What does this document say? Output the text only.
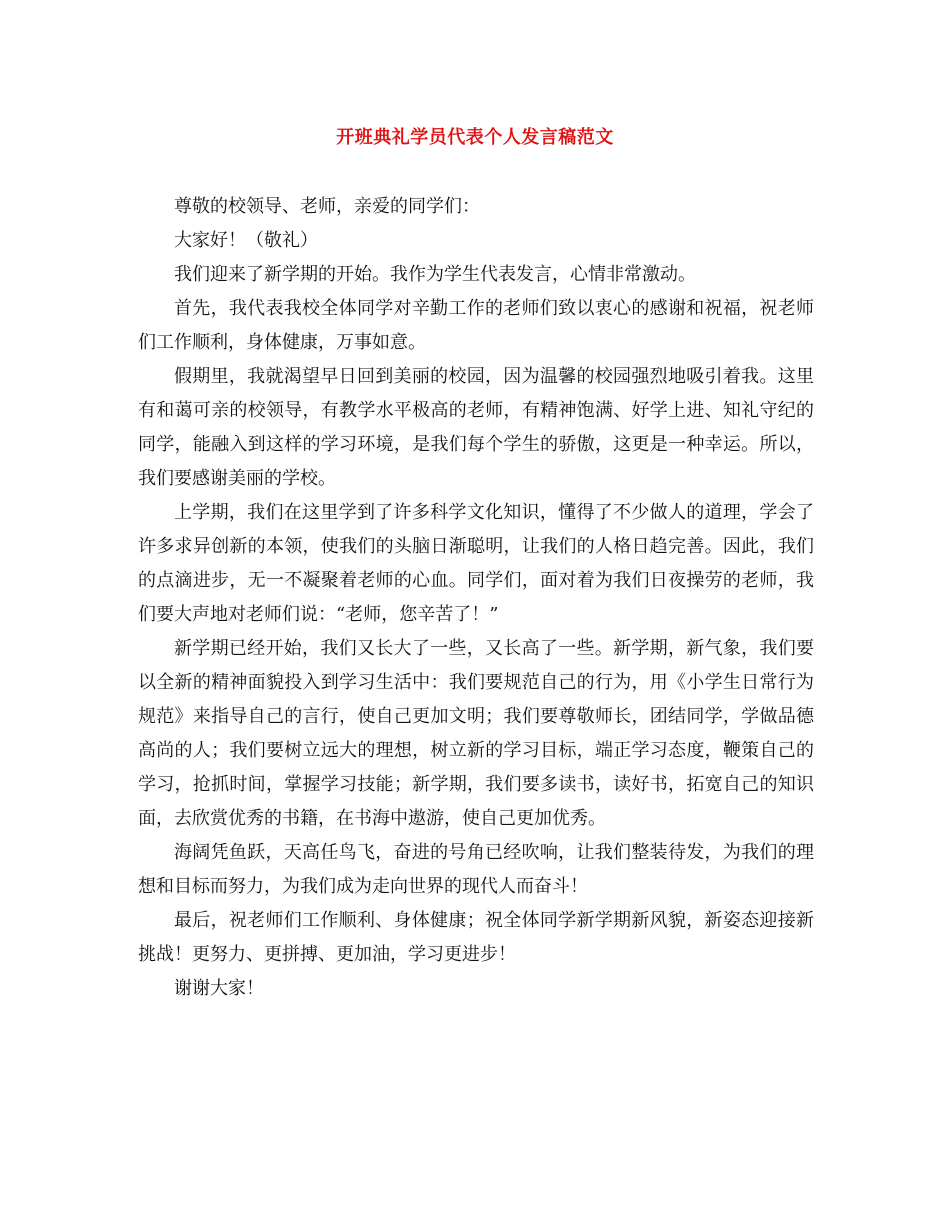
开班典礼学员代表个人发言稿范文

尊敬的校领导、老师，亲爱的同学们：

大家好！（敬礼）

我们迎来了新学期的开始。我作为学生代表发言，心情非常激动。

首先，我代表我校全体同学对辛勤工作的老师们致以衷心的感谢和祝福，祝老师们工作顺利，身体健康，万事如意。

假期里，我就渴望早日回到美丽的校园，因为温馨的校园强烈地吸引着我。这里有和蔼可亲的校领导，有教学水平极高的老师，有精神饱满、好学上进、知礼守纪的同学，能融入到这样的学习环境，是我们每个学生的骄傲，这更是一种幸运。所以，我们要感谢美丽的学校。

上学期，我们在这里学到了许多科学文化知识，懂得了不少做人的道理，学会了许多求异创新的本领，使我们的头脑日渐聪明，让我们的人格日趋完善。因此，我们的点滴进步，无一不凝聚着老师的心血。同学们，面对着为我们日夜操劳的老师，我们要大声地对老师们说：“老师，您辛苦了！”

新学期已经开始，我们又长大了一些，又长高了一些。新学期，新气象，我们要以全新的精神面貌投入到学习生活中：我们要规范自己的行为，用《小学生日常行为规范》来指导自己的言行，使自己更加文明；我们要尊敬师长，团结同学，学做品德高尚的人；我们要树立远大的理想，树立新的学习目标，端正学习态度，鞭策自己的学习，抢抓时间，掌握学习技能；新学期，我们要多读书，读好书，拓宽自己的知识面，去欣赏优秀的书籍，在书海中遨游，使自己更加优秀。

海阔凭鱼跃，天高任鸟飞，奋进的号角已经吹响，让我们整装待发，为我们的理想和目标而努力，为我们成为走向世界的现代人而奋斗！

最后，祝老师们工作顺利、身体健康；祝全体同学新学期新风貌，新姿态迎接新挑战！更努力、更拼搏、更加油，学习更进步！

谢谢大家！
